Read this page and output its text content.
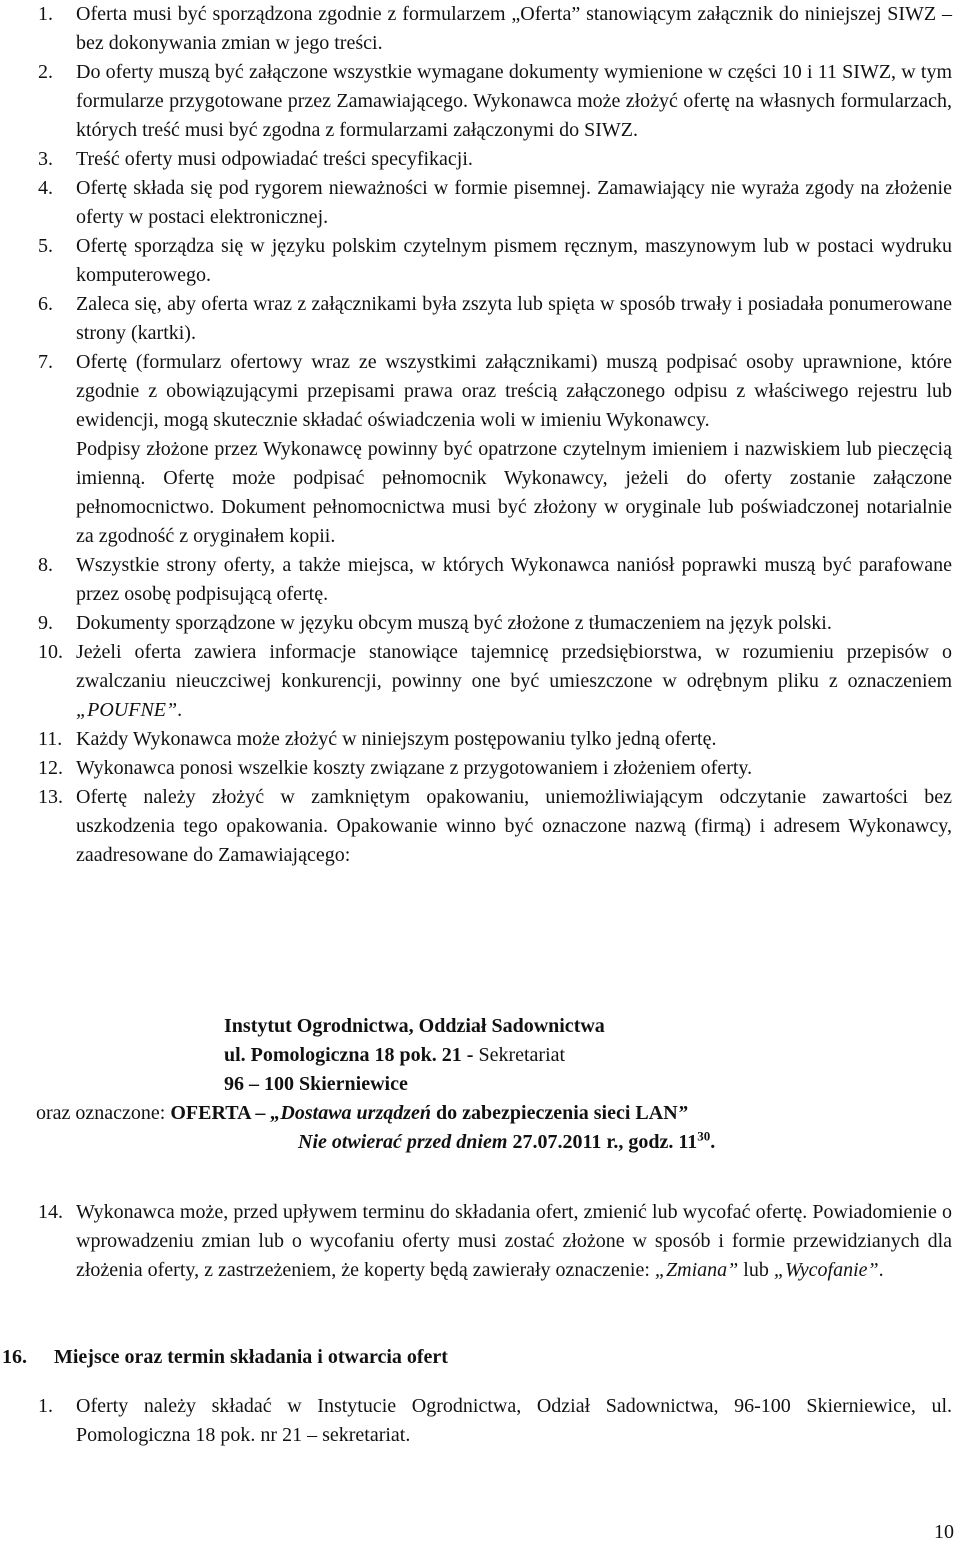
1. Oferta musi być sporządzona zgodnie z formularzem „Oferta” stanowiącym załącznik do niniejszej SIWZ – bez dokonywania zmian w jego treści.
2. Do oferty muszą być załączone wszystkie wymagane dokumenty wymienione w części 10 i 11 SIWZ, w tym formularze przygotowane przez Zamawiającego. Wykonawca może złożyć ofertę na własnych formularzach, których treść musi być zgodna z formularzami załączonymi do SIWZ.
3. Treść oferty musi odpowiadać treści specyfikacji.
4. Ofertę składa się pod rygorem nieważności w formie pisemnej. Zamawiający nie wyraża zgody na złożenie oferty w postaci elektronicznej.
5. Ofertę sporządza się w języku polskim czytelnym pismem ręcznym, maszynowym lub w postaci wydruku komputerowego.
6. Zaleca się, aby oferta wraz z załącznikami była zszyta lub spięta w sposób trwały i posiadała ponumerowane strony (kartki).
7. Ofertę (formularz ofertowy wraz ze wszystkimi załącznikami) muszą podpisać osoby uprawnione, które zgodnie z obowiązującymi przepisami prawa oraz treścią załączonego odpisu z właściwego rejestru lub ewidencji, mogą skutecznie składać oświadczenia woli w imieniu Wykonawcy.
Podpisy złożone przez Wykonawcę powinny być opatrzone czytelnym imieniem i nazwiskiem lub pieczęcią imienną. Ofertę może podpisać pełnomocnik Wykonawcy, jeżeli do oferty zostanie załączone pełnomocnictwo. Dokument pełnomocnictwa musi być złożony w oryginale lub poświadczonej notarialnie za zgodność z oryginałem kopii.
8. Wszystkie strony oferty, a także miejsca, w których Wykonawca naniósł poprawki muszą być parafowane przez osobę podpisującą ofertę.
9. Dokumenty sporządzone w języku obcym muszą być złożone z tłumaczeniem na język polski.
10. Jeżeli oferta zawiera informacje stanowiące tajemnicę przedsiębiorstwa, w rozumieniu przepisów o zwalczaniu nieuczciwej konkurencji, powinny one być umieszczone w odrębnym pliku z oznaczeniem „POUFNE”.
11. Każdy Wykonawca może złożyć w niniejszym postępowaniu tylko jedną ofertę.
12. Wykonawca ponosi wszelkie koszty związane z przygotowaniem i złożeniem oferty.
13. Ofertę należy złożyć w zamkniętym opakowaniu, uniemożliwiającym odczytanie zawartości bez uszkodzenia tego opakowania. Opakowanie winno być oznaczone nazwą (firmą) i adresem Wykonawcy, zaadresowane do Zamawiającego:
Instytut Ogrodnictwa, Oddział Sadownictwa
ul. Pomologiczna 18 pok. 21 - Sekretariat
96 – 100 Skierniewice
oraz oznaczone: OFERTA – „Dostawa urządzeń do zabezpieczenia sieci LAN”
Nie otwierać przed dniem 27.07.2011 r., godz. $11^{30}$.
14. Wykonawca może, przed upływem terminu do składania ofert, zmienić lub wycofać ofertę. Powiadomienie o wprowadzeniu zmian lub o wycofaniu oferty musi zostać złożone w sposób i formie przewidzianych dla złożenia oferty, z zastrzeżeniem, że koperty będą zawierały oznaczenie: „Zmiana” lub „Wycofanie”.
16. Miejsce oraz termin składania i otwarcia ofert
1. Oferty należy składać w Instytucie Ogrodnictwa, Odział Sadownictwa, 96-100 Skierniewice, ul. Pomologiczna 18 pok. nr 21 – sekretariat.
10
